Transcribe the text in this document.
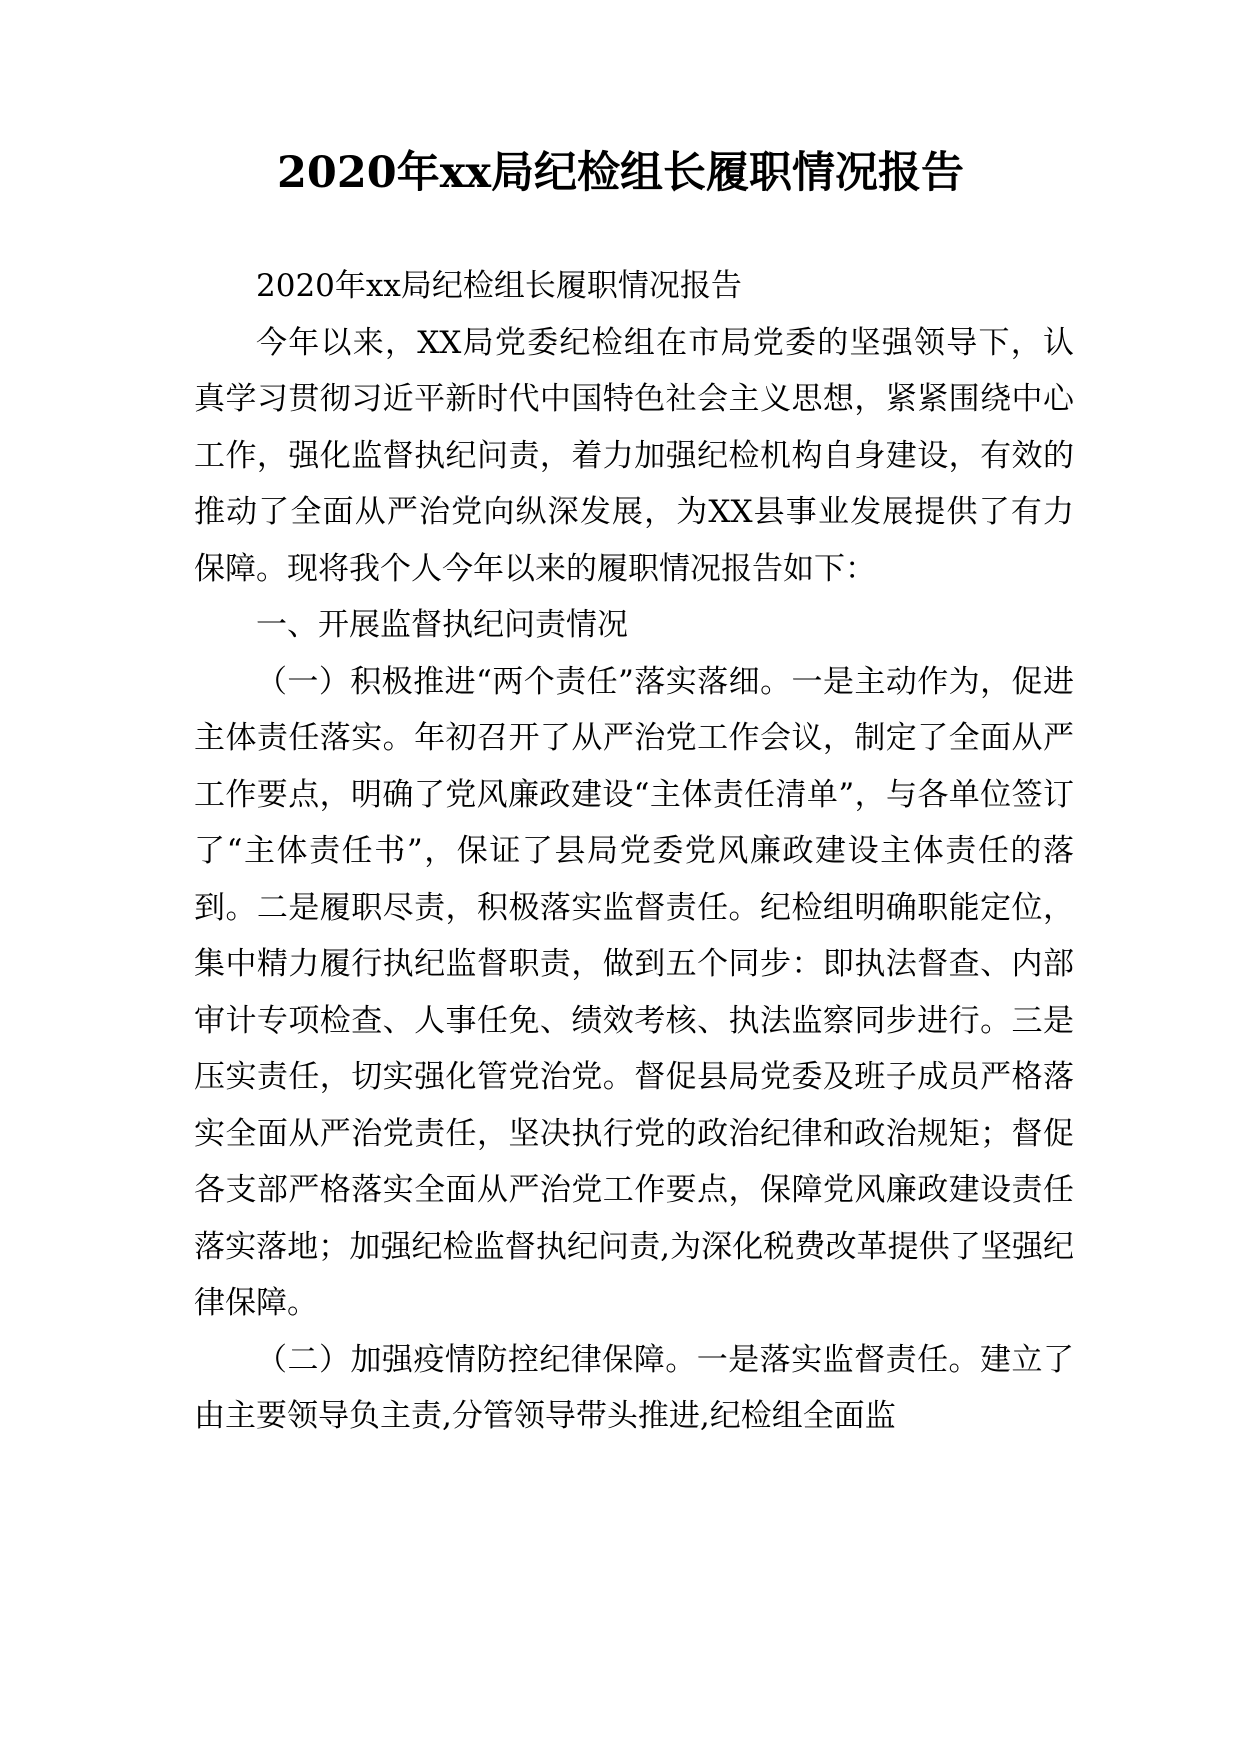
2020年xx局纪检组长履职情况报告

2020年xx局纪检组长履职情况报告

今年以来，XX局党委纪检组在市局党委的坚强领导下，认真学习贯彻习近平新时代中国特色社会主义思想，紧紧围绕中心工作，强化监督执纪问责，着力加强纪检机构自身建设，有效的推动了全面从严治党向纵深发展，为XX县事业发展提供了有力保障。现将我个人今年以来的履职情况报告如下：

一、开展监督执纪问责情况

（一）积极推进“两个责任”落实落细。一是主动作为，促进主体责任落实。年初召开了从严治党工作会议，制定了全面从严工作要点，明确了党风廉政建设“主体责任清单”，与各单位签订了“主体责任书”，保证了县局党委党风廉政建设主体责任的落到。二是履职尽责，积极落实监督责任。纪检组明确职能定位，集中精力履行执纪监督职责，做到五个同步：即执法督查、内部审计专项检查、人事任免、绩效考核、执法监察同步进行。三是压实责任，切实强化管党治党。督促县局党委及班子成员严格落实全面从严治党责任，坚决执行党的政治纪律和政治规矩；督促各支部严格落实全面从严治党工作要点，保障党风廉政建设责任落实落地；加强纪检监督执纪问责,为深化税费改革提供了坚强纪律保障。

（二）加强疫情防控纪律保障。一是落实监督责任。建立了由主要领导负主责,分管领导带头推进,纪检组全面监
